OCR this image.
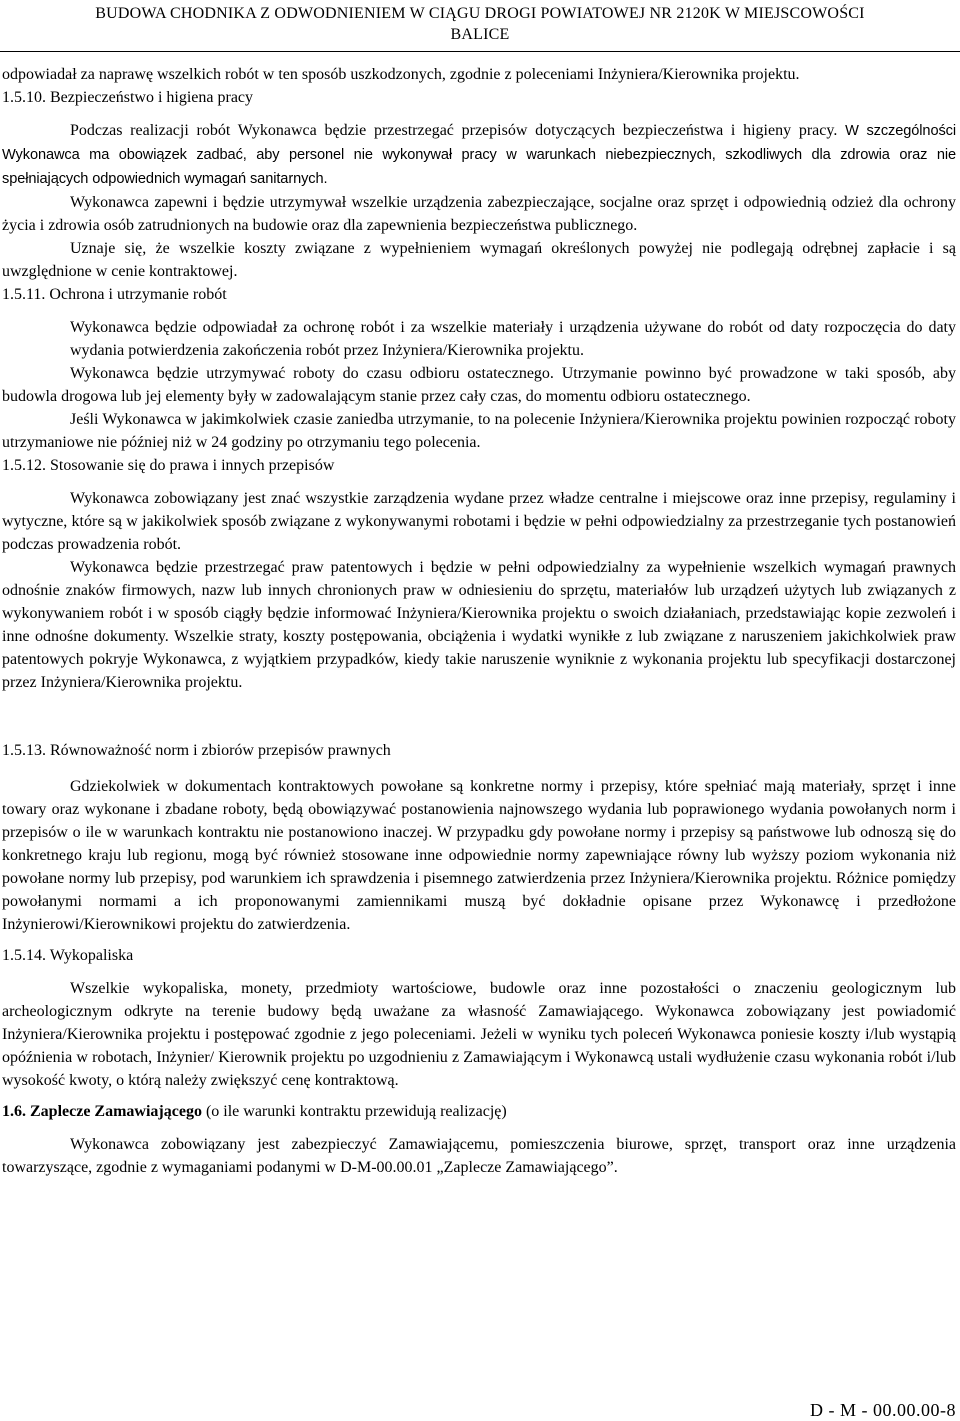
BUDOWA CHODNIKA Z ODWODNIENIEM W CIĄGU DROGI POWIATOWEJ NR 2120K W MIEJSCOWOŚCI
BALICE

odpowiadał za naprawę wszelkich robót w ten sposób uszkodzonych, zgodnie z poleceniami Inżyniera/Kierownika projektu.

1.5.10. Bezpieczeństwo i higiena pracy

Podczas realizacji robót Wykonawca będzie przestrzegać przepisów dotyczących bezpieczeństwa i higieny pracy. W szczególności Wykonawca ma obowiązek zadbać, aby personel nie wykonywał pracy w warunkach niebezpiecznych, szkodliwych dla zdrowia oraz nie spełniających odpowiednich wymagań sanitarnych.

Wykonawca zapewni i będzie utrzymywał wszelkie urządzenia zabezpieczające, socjalne oraz sprzęt i odpowiednią odzież dla ochrony życia i zdrowia osób zatrudnionych na budowie oraz dla zapewnienia bezpieczeństwa publicznego.

Uznaje się, że wszelkie koszty związane z wypełnieniem wymagań określonych powyżej nie podlegają odrębnej zapłacie i są uwzględnione w cenie kontraktowej.

1.5.11. Ochrona i utrzymanie robót

Wykonawca będzie odpowiadał za ochronę robót i za wszelkie materiały i urządzenia używane do robót od daty rozpoczęcia do daty wydania potwierdzenia zakończenia robót przez Inżyniera/Kierownika projektu.

Wykonawca będzie utrzymywać roboty do czasu odbioru ostatecznego. Utrzymanie powinno być prowadzone w taki sposób, aby budowla drogowa lub jej elementy były w zadowalającym stanie przez cały czas, do momentu odbioru ostatecznego.

Jeśli Wykonawca w jakimkolwiek czasie zaniedba utrzymanie, to na polecenie Inżyniera/Kierownika projektu powinien rozpocząć roboty utrzymaniowe nie później niż w 24 godziny po otrzymaniu tego polecenia.

1.5.12. Stosowanie się do prawa i innych przepisów

Wykonawca zobowiązany jest znać wszystkie zarządzenia wydane przez władze centralne i miejscowe oraz inne przepisy, regulaminy i wytyczne, które są w jakikolwiek sposób związane z wykonywanymi robotami i będzie w pełni odpowiedzialny za przestrzeganie tych postanowień podczas prowadzenia robót.

Wykonawca będzie przestrzegać praw patentowych i będzie w pełni odpowiedzialny za wypełnienie wszelkich wymagań prawnych odnośnie znaków firmowych, nazw lub innych chronionych praw w odniesieniu do sprzętu, materiałów lub urządzeń użytych lub związanych z wykonywaniem robót i w sposób ciągły będzie informować Inżyniera/Kierownika projektu o swoich działaniach, przedstawiając kopie zezwoleń i inne odnośne dokumenty. Wszelkie straty, koszty postępowania, obciążenia i wydatki wynikłe z lub związane z naruszeniem jakichkolwiek praw patentowych pokryje Wykonawca, z wyjątkiem przypadków, kiedy takie naruszenie wyniknie z wykonania projektu lub specyfikacji dostarczonej przez Inżyniera/Kierownika projektu.

1.5.13. Równoważność norm i zbiorów przepisów prawnych

Gdziekolwiek w dokumentach kontraktowych powołane są konkretne normy i przepisy, które spełniać mają materiały, sprzęt i inne towary oraz wykonane i zbadane roboty, będą obowiązywać postanowienia najnowszego wydania lub poprawionego wydania powołanych norm i przepisów o ile w warunkach kontraktu nie postanowiono inaczej. W przypadku gdy powołane normy i przepisy są państwowe lub odnoszą się do konkretnego kraju lub regionu, mogą być również stosowane inne odpowiednie normy zapewniające równy lub wyższy poziom wykonania niż powołane normy lub przepisy, pod warunkiem ich sprawdzenia i pisemnego zatwierdzenia przez Inżyniera/Kierownika projektu. Różnice pomiędzy powołanymi normami a ich proponowanymi zamiennikami muszą być dokładnie opisane przez Wykonawcę i przedłożone Inżynierowi/Kierownikowi projektu do zatwierdzenia.

1.5.14. Wykopaliska

Wszelkie wykopaliska, monety, przedmioty wartościowe, budowle oraz inne pozostałości o znaczeniu geologicznym lub archeologicznym odkryte na terenie budowy będą uważane za własność Zamawiającego. Wykonawca zobowiązany jest powiadomić Inżyniera/Kierownika projektu i postępować zgodnie z jego poleceniami. Jeżeli w wyniku tych poleceń Wykonawca poniesie koszty i/lub wystąpią opóźnienia w robotach, Inżynier/ Kierownik projektu po uzgodnieniu z Zamawiającym i Wykonawcą ustali wydłużenie czasu wykonania robót i/lub wysokość kwoty, o którą należy zwiększyć cenę kontraktową.

1.6. Zaplecze Zamawiającego (o ile warunki kontraktu przewidują realizację)

Wykonawca zobowiązany jest zabezpieczyć Zamawiającemu, pomieszczenia biurowe, sprzęt, transport oraz inne urządzenia towarzyszące, zgodnie z wymaganiami podanymi w D-M-00.00.01 „Zaplecze Zamawiającego”.

D - M - 00.00.00-8
